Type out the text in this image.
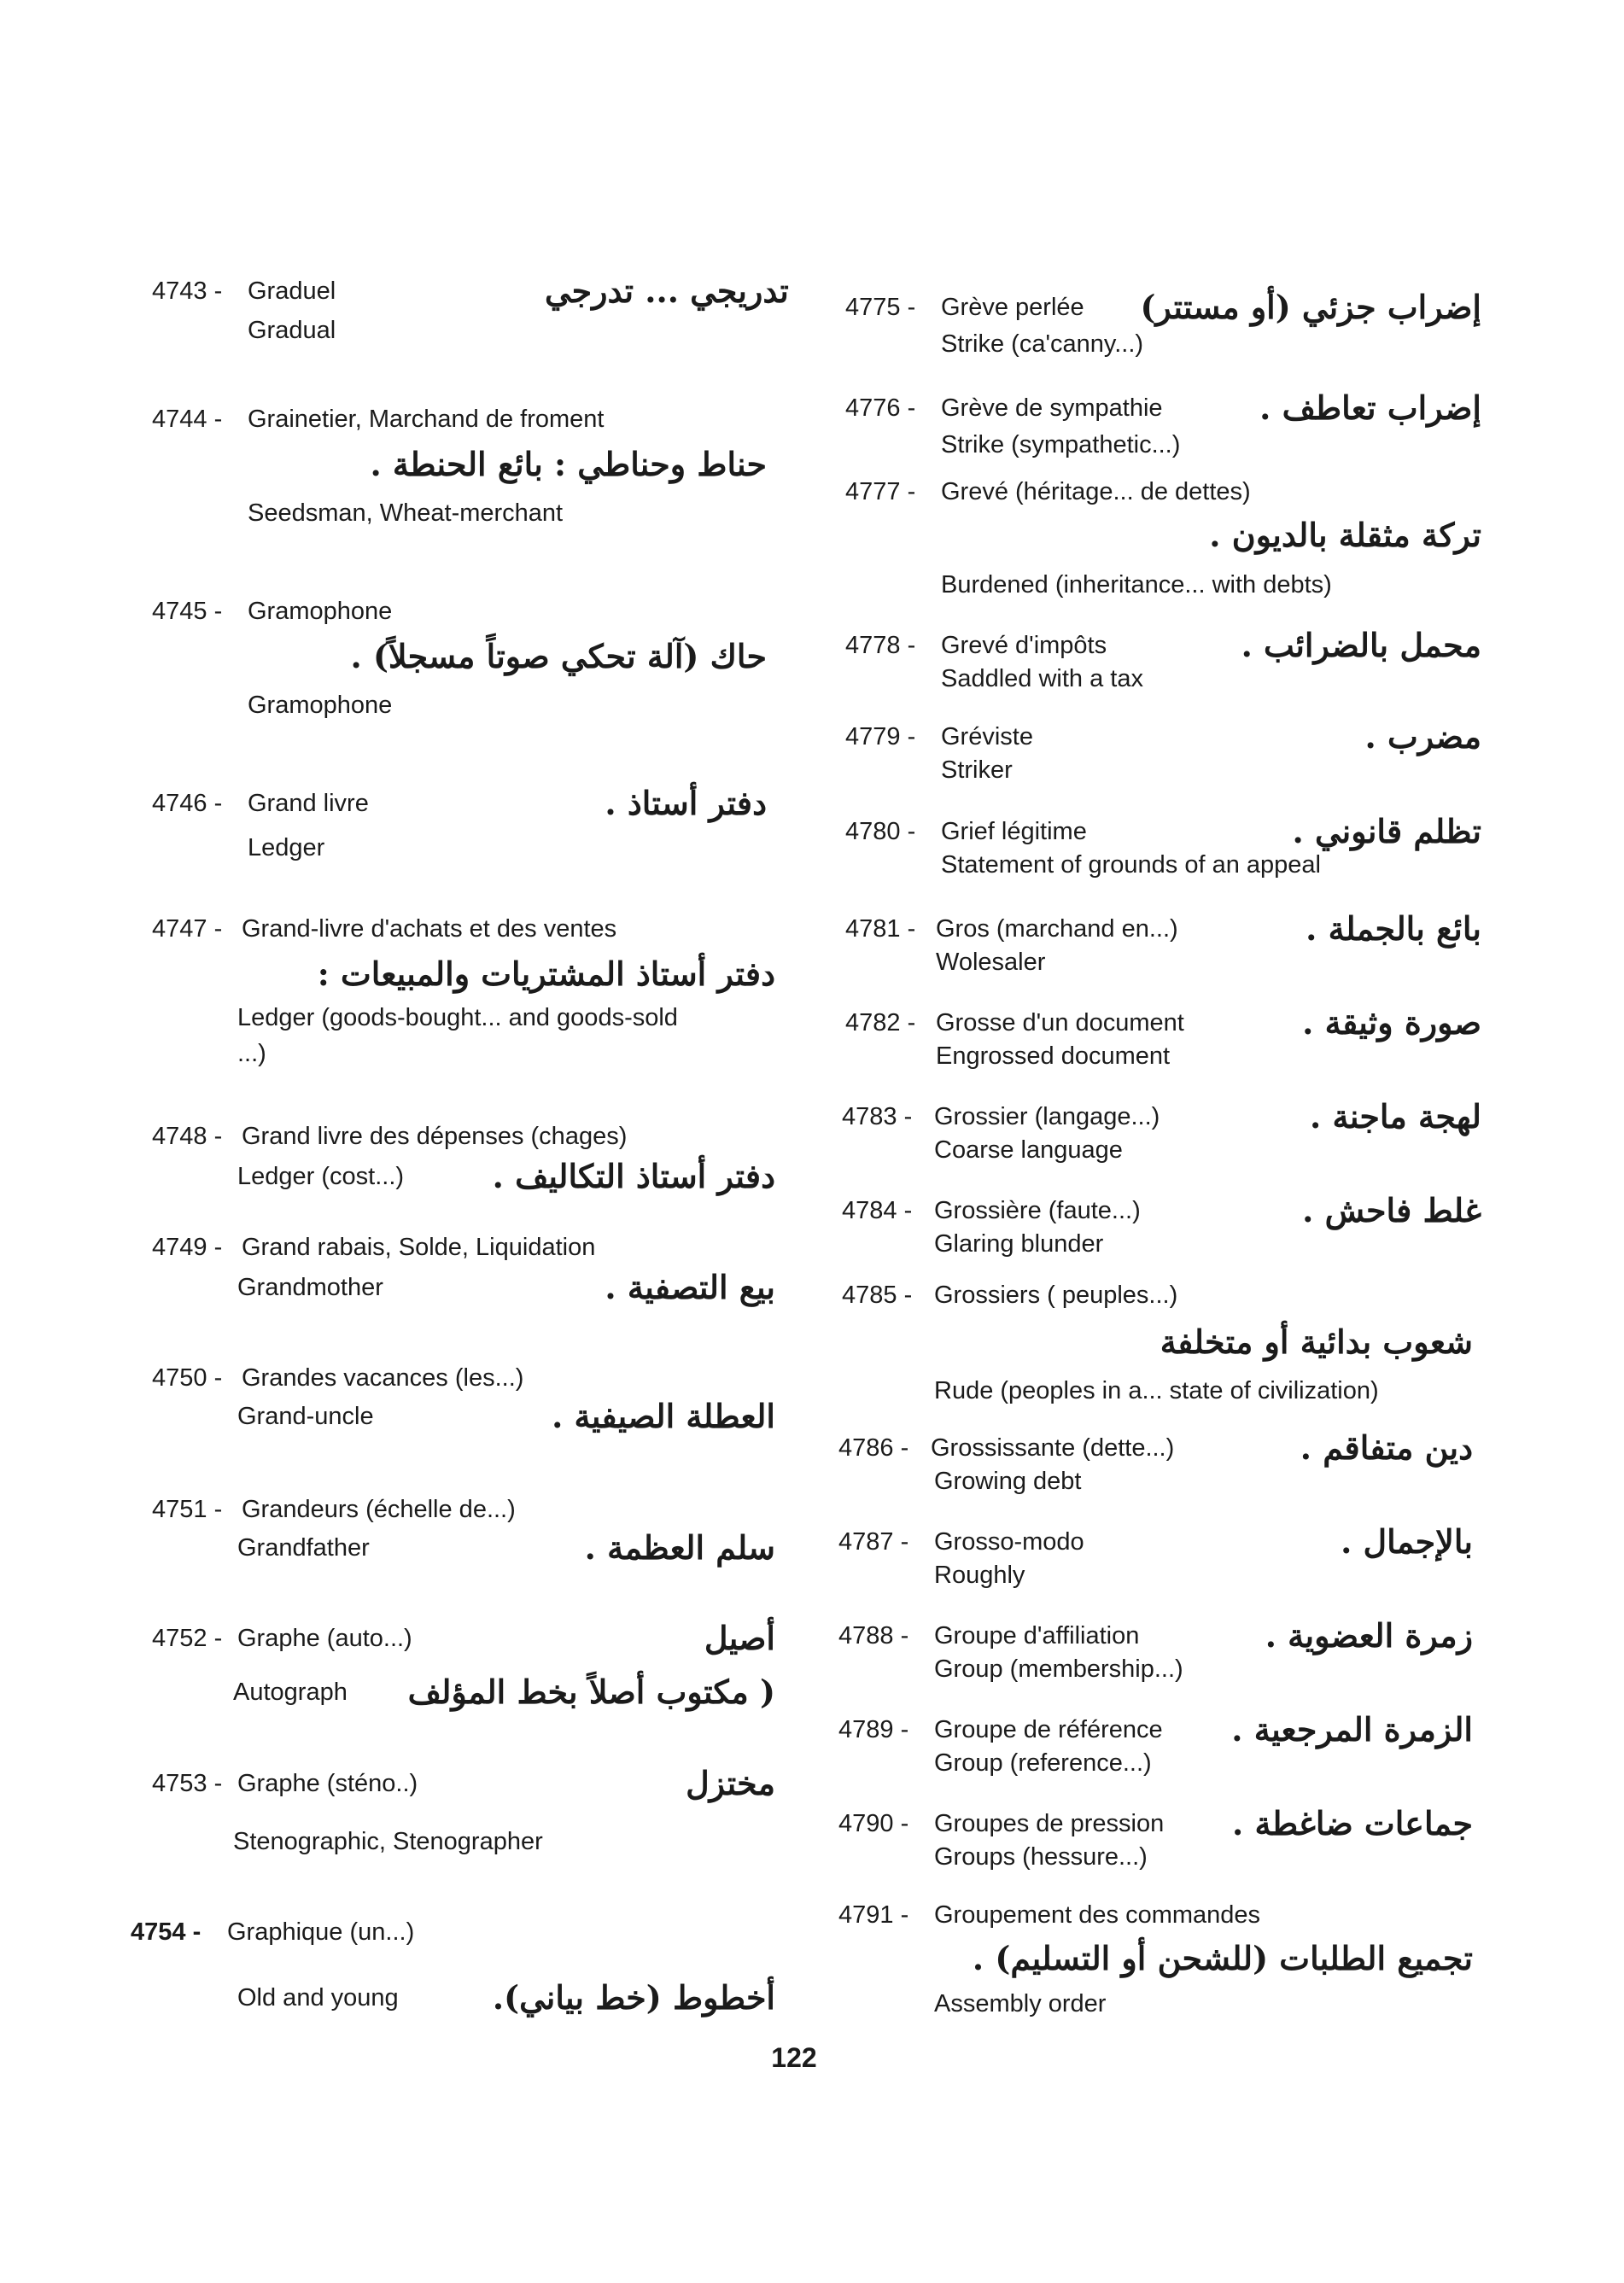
4743 - Graduel	تدريجي ... تدرجي
Gradual
4744 - Grainetier, Marchand de froment
حناط وحناطي : بائع الحنطة .
Seedsman, Wheat-merchant
4745 - Gramophone
حاك (آلة تحكي صوتاً مسجلاً) .
Gramophone
4746 - Grand livre	دفتر أستاذ .
Ledger
4747 - Grand-livre d'achats et des ventes
دفتر أستاذ المشتريات والمبيعات :
Ledger (goods-bought... and goods-sold
...)
4748 - Grand livre des dépenses (chages)
Ledger (cost...)	دفتر أستاذ التكاليف .
4749 - Grand rabais, Solde, Liquidation
Grandmother	بيع التصفية .
4750 - Grandes vacances (les...)
Grand-uncle	العطلة الصيفية .
4751 - Grandeurs (échelle de...)
Grandfather	سلم العظمة .
4752 - Graphe (auto...)	أصيل
Autograph ( مكتوب أصلاً بخط المؤلف
4753 - Graphe (sténo..)	مختزل
Stenographic, Stenographer
4754 - Graphique (un...)
Old and young	أخطوط (خط بياني).
4775 - Grève perlée إضراب جزئي (أو مستتر)
Strike (ca'canny...)
4776 - Grève de sympathie	إضراب تعاطف .
Strike (sympathetic...)
4777 - Grevé (héritage... de dettes)
تركة مثقلة بالديون .
Burdened (inheritance... with debts)
4778 - Grevé d'impôts	محمل بالضرائب .
Saddled with a tax
4779 - Gréviste	مضرب .
Striker
4780 - Grief légitime	تظلم قانوني .
Statement of grounds of an appeal
4781 - Gros (marchand en...)	بائع بالجملة .
Wolesaler
4782 - Grosse d'un document	صورة وثيقة .
Engrossed document
4783 - Grossier (langage...)	لهجة ماجنة .
Coarse language
4784 - Grossière (faute...)	غلط فاحش .
Glaring blunder
4785 - Grossiers ( peuples...)
شعوب بدائية أو متخلفة
Rude (peoples in a... state of civilization)
4786 - Grossissante (dette...)	دين متفاقم .
Growing debt
4787 - Grosso-modo	بالإجمال .
Roughly
4788 - Groupe d'affiliation	زمرة العضوية .
Group (membership...)
4789 - Groupe de référence الزمرة المرجعية .
Group (reference...)
4790 - Groupes de pression جماعات ضاغطة .
Groups (hessure...)
4791 - Groupement des commandes
تجميع الطلبات (للشحن أو التسليم) .
Assembly order
122
